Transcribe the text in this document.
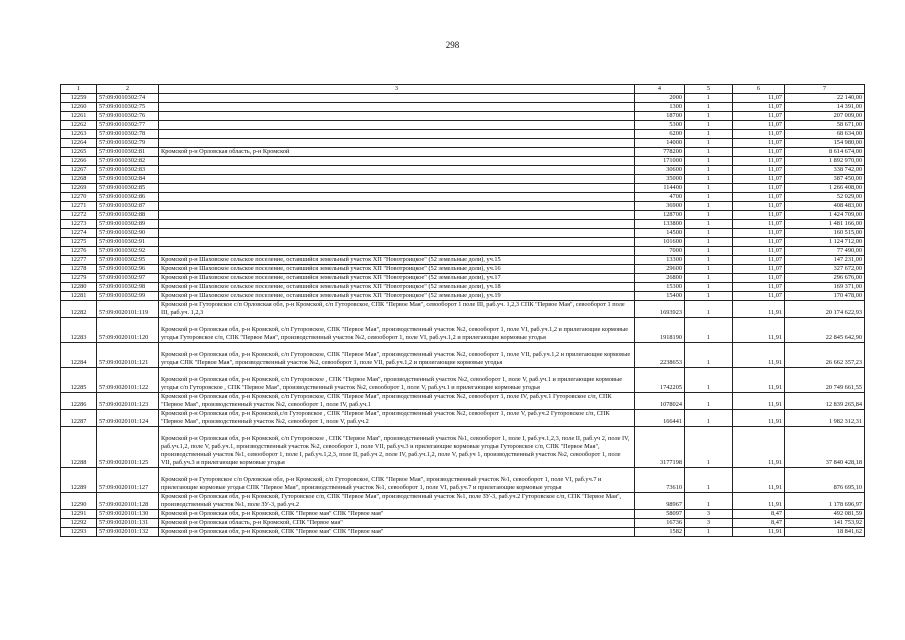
298
1	2	3	4	5	6	7
12259	57:09:0010302:74		2000	1	11,07	22 140,00
12260	57:09:0010302:75		1300	1	11,07	14 391,00
12261	57:09:0010302:76		18700	1	11,07	207 009,00
12262	57:09:0010302:77		5300	1	11,07	58 671,00
12263	57:09:0010302:78		6200	1	11,07	68 634,00
12264	57:09:0010302:79		14000	1	11,07	154 980,00
12265	57:09:0010302:81	Кромской р-н Орловская область, р-н Кромской	778200	1	11,07	8 614 674,00
12266	57:09:0010302:82		171000	1	11,07	1 892 970,00
12267	57:09:0010302:83		30600	1	11,07	338 742,00
12268	57:09:0010302:84		35000	1	11,07	387 450,00
12269	57:09:0010302:85		114400	1	11,07	1 266 408,00
12270	57:09:0010302:86		4700	1	11,07	52 029,00
12271	57:09:0010302:87		36900	1	11,07	408 483,00
12272	57:09:0010302:88		128700	1	11,07	1 424 709,00
12273	57:09:0010302:89		133800	1	11,07	1 481 166,00
12274	57:09:0010302:90		14500	1	11,07	160 515,00
12275	57:09:0010302:91		101600	1	11,07	1 124 712,00
12276	57:09:0010302:92		7000	1	11,07	77 490,00
12277	57:09:0010302:95	Кромской р-н Шаховское сельское поселение, оставшийся земельный участок ХП "Новотроицкое" (52 земельные доли), уч.15	13300	1	11,07	147 231,00
12278	57:09:0010302:96	Кромской р-н Шаховское сельское поселение, оставшийся земельный участок ХП "Новотроицкое" (52 земельные доли), уч.16	29600	1	11,07	327 672,00
12279	57:09:0010302:97	Кромской р-н Шаховское сельское поселение, оставшийся земельный участок ХП "Новотроицкое" (52 земельные доли), уч.17	26800	1	11,07	296 676,00
12280	57:09:0010302:98	Кромской р-н Шаховское сельское поселение, оставшийся земельный участок ХП "Новотроицкое" (52 земельные доли), уч.18	15300	1	11,07	169 371,00
12281	57:09:0010302:99	Кромской р-н Шаховское сельское поселение, оставшийся земельный участок ХП "Новотроицкое" (52 земельные доли), уч.19	15400	1	11,07	170 478,00
12282	57:09:0020101:119	Кромской р-н Гуторовское с/п Орловская обл, р-н Кромской, с/п Гуторовское, СПК "Первое Мая", севооборот 1 поле III, раб.уч. 1,2,3 СПК "Первое Мая", севооборот 1 поле III, раб.уч. 1,2,3	1693923	1	11,91	20 174 622,93
12283	57:09:0020101:120	Кромской р-н Орловская обл, р-н Кромской, с/п Гуторовское, СПК "Первое Мая", производственный участок №2, севооборот 1, поле VI, раб.уч.1,2 и прилегающие кормовые угодья Гуторовское с/п, СПК "Первое Мая", производственный участок №2, севооборот 1, поле VI, раб.уч.1,2 и прилегающие кормовые угодья	1918190	1	11,91	22 845 642,90
12284	57:09:0020101:121	Кромской р-н Орловская обл, р-н Кромской, с/п Гуторовское, СПК "Первое Мая", производственный участок №2, севооборот 1, поле VII, раб.уч.1,2 и прилегающие кормовые угодья СПК "Первое Мая", производственный участок №2, севооборот 1, поле VII, раб.уч.1,2 и прилегающие кормовые угодья	2238653	1	11,91	26 662 357,23
12285	57:09:0020101:122	Кромской р-н Орловская обл, р-н Кромской, с/п Гуторовское , СПК "Первое Мая", производственный участок №2, севооборот 1, поле V, раб.уч.1 и прилегающие кормовые угодья с/п Гуторовское , СПК "Первое Мая", производственный участок №2, севооборот 1, поле V, раб.уч.1 и прилегающие кормовые угодья	1742205	1	11,91	20 749 661,55
12286	57:09:0020101:123	Кромской р-н Орловская обл, р-н Кромской, с/п Гуторовское, СПК "Первое Мая", производственный участок №2, севооборот 1, поле IV, раб.уч.1 Гуторовское с/п, СПК "Первое Мая", производственный участок №2, севооборот 1, поле IV, раб.уч.1	1078024	1	11,91	12 839 265,84
12287	57:09:0020101:124	Кромской р-н Орловская обл, р-н Кромской,с/п Гуторовское , СПК "Первое Мая", производственный участок №2, севооборот 1, поле V, раб.уч.2 Гуторовское с/п, СПК "Первое Мая", производственный участок №2, севооборот 1, поле V, раб.уч.2	166441	1	11,91	1 982 312,31
12288	57:09:0020101:125	Кромской р-н Орловская обл, р-н Кромской, с/п Гуторовское , СПК "Первое Мая", производственный участок №1, севооборот 1, поле I, раб.уч.1,2,3, поле II, раб.уч 2, поле IV, раб.уч.1,2, поле V, раб.уч.1, производственный участок №2, севооборот 1, поле VII, раб.уч.3 и прилегающие кормовые угодья Гуторовское с/п, СПК "Первое Мая", производственный участок №1, севооборот 1, поле I, раб.уч.1,2,3, поле II, раб.уч 2, поле IV, раб.уч.1,2, поле V, раб.уч 1, производственный участок №2, севооборот 1, поле VII, раб.уч.3 и прилегающие кормовые угодья	3177198	1	11,91	37 840 428,18
12289	57:09:0020101:127	Кромской р-н Гуторовское с/п Орловская обл, р-н Кромской, с/п Гуторовское, СПК "Первое Мая", производственный участок №1, севооборот 1, поле VI, раб.уч.7 и прилегающие кормовые угодья СПК "Первое Мая", производственный участок №1, севооборот 1, поле VI, раб.уч.7 и прилегающие кормовые угодья	73610	1	11,91	876 695,10
12290	57:09:0020101:128	Кромской р-н Орловская обл, р-н Кромской, Гуторовское с/п, СПК "Первое Мая", производственный участок №1, поле ЗУ-3, раб.уч.2 Гуторовское с/п, СПК "Первое Мая", производственный участок №1, поле ЗУ-3, раб.уч.2	98967	1	11,91	1 178 696,97
12291	57:09:0020101:130	Кромской р-н Орловская обл, р-н Кромской, СПК "Первое мая" СПК "Первое мая"	58097	3	8,47	492 081,59
12292	57:09:0020101:131	Кромской р-н Орловская область, р-н Кромской, СПК "Первое мая"	16736	3	8,47	141 753,92
12293	57:09:0020101:132	Кромской р-н Орловская обл, р-н Кромской, СПК "Первое мая" СПК "Первое мая"	1582	1	11,91	18 841,62
